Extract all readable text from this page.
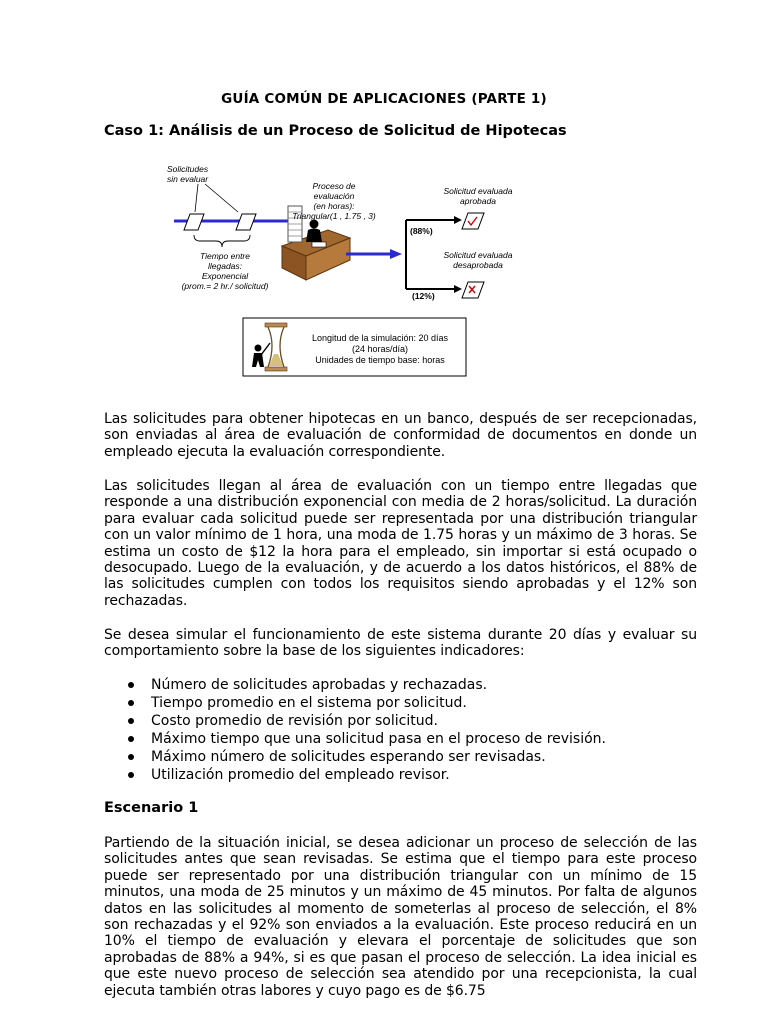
GUÍA COMÚN DE APLICACIONES (PARTE 1)
Caso 1: Análisis de un Proceso de Solicitud de Hipotecas
Solicitudes
sin evaluar
Proceso de
evaluación
(en horas):
Triangular(1 , 1.75 , 3)
Tiempo entre
llegadas:
Exponencial
(prom.= 2 hr./ solicitud)
Solicitud evaluada
aprobada
Solicitud evaluada
desaprobada
(88%)
(12%)
Longitud de la simulación: 20 días
(24 horas/día)
Unidades de tiempo base: horas
Las solicitudes para obtener hipotecas en un banco, después de ser recepcionadas, son enviadas al área de evaluación de conformidad de documentos en donde un empleado ejecuta la evaluación correspondiente.
Las solicitudes llegan al área de evaluación con un tiempo entre llegadas que responde a una distribución exponencial con media de 2 horas/solicitud. La duración para evaluar cada solicitud puede ser representada por una distribución triangular con un valor mínimo de 1 hora, una moda de 1.75 horas y un máximo de 3 horas. Se estima un costo de $12 la hora para el empleado, sin importar si está ocupado o desocupado. Luego de la evaluación, y de acuerdo a los datos históricos, el 88% de las solicitudes cumplen con todos los requisitos siendo aprobadas y el 12% son rechazadas.
Se desea simular el funcionamiento de este sistema durante 20 días y evaluar su comportamiento sobre la base de los siguientes indicadores:
Número de solicitudes aprobadas y rechazadas.
Tiempo promedio en el sistema por solicitud.
Costo promedio de revisión por solicitud.
Máximo tiempo que una solicitud pasa en el proceso de revisión.
Máximo número de solicitudes esperando ser revisadas.
Utilización promedio del empleado revisor.
Escenario 1
Partiendo de la situación inicial, se desea adicionar un proceso de selección de las solicitudes antes que sean revisadas. Se estima que el tiempo para este proceso puede ser representado por una distribución triangular con un mínimo de 15 minutos, una moda de 25 minutos y un máximo de 45 minutos. Por falta de algunos datos en las solicitudes al momento de someterlas al proceso de selección, el 8% son rechazadas y el 92% son enviados a la evaluación. Este proceso reducirá en un 10% el tiempo de evaluación y elevara el porcentaje de solicitudes que son aprobadas de 88% a 94%, si es que pasan el proceso de selección. La idea inicial es que este nuevo proceso de selección sea atendido por una recepcionista, la cual ejecuta también otras labores y cuyo pago es de $6.75
